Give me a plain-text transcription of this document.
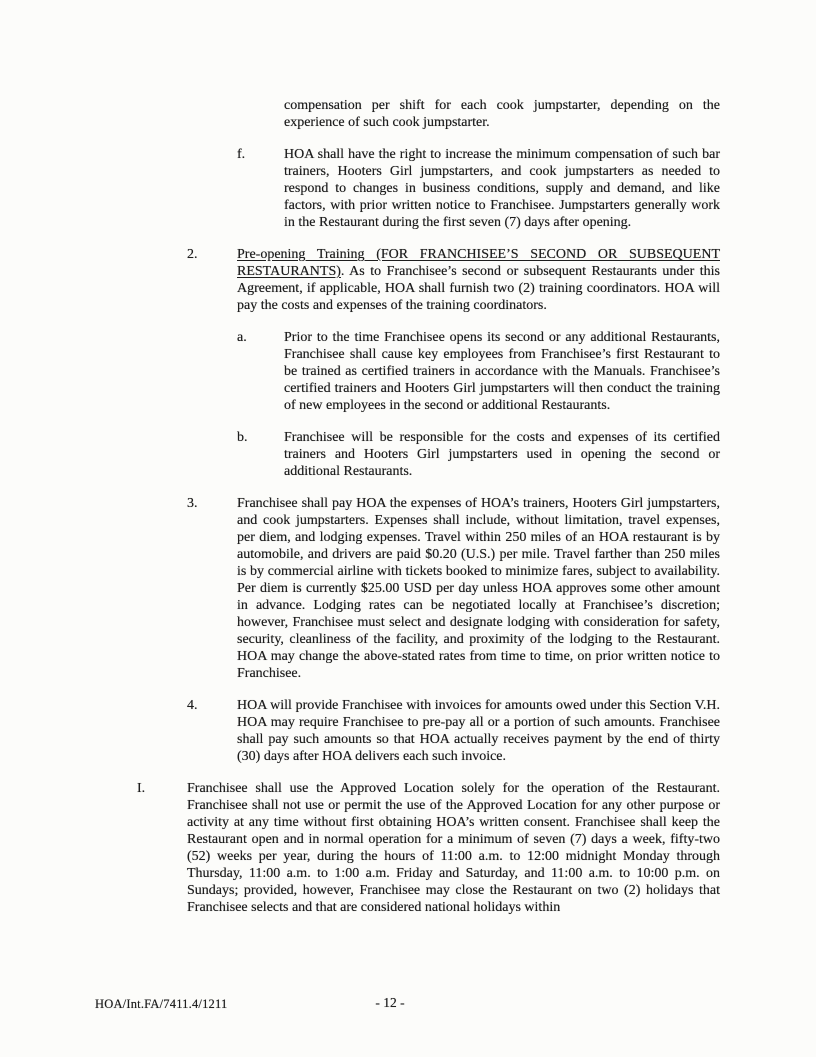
compensation per shift for each cook jumpstarter, depending on the experience of such cook jumpstarter.
f.	HOA shall have the right to increase the minimum compensation of such bar trainers, Hooters Girl jumpstarters, and cook jumpstarters as needed to respond to changes in business conditions, supply and demand, and like factors, with prior written notice to Franchisee. Jumpstarters generally work in the Restaurant during the first seven (7) days after opening.
2.	Pre-opening Training (FOR FRANCHISEE’S SECOND OR SUBSEQUENT RESTAURANTS). As to Franchisee’s second or subsequent Restaurants under this Agreement, if applicable, HOA shall furnish two (2) training coordinators. HOA will pay the costs and expenses of the training coordinators.
a.	Prior to the time Franchisee opens its second or any additional Restaurants, Franchisee shall cause key employees from Franchisee’s first Restaurant to be trained as certified trainers in accordance with the Manuals. Franchisee’s certified trainers and Hooters Girl jumpstarters will then conduct the training of new employees in the second or additional Restaurants.
b.	Franchisee will be responsible for the costs and expenses of its certified trainers and Hooters Girl jumpstarters used in opening the second or additional Restaurants.
3.	Franchisee shall pay HOA the expenses of HOA’s trainers, Hooters Girl jumpstarters, and cook jumpstarters. Expenses shall include, without limitation, travel expenses, per diem, and lodging expenses. Travel within 250 miles of an HOA restaurant is by automobile, and drivers are paid $0.20 (U.S.) per mile. Travel farther than 250 miles is by commercial airline with tickets booked to minimize fares, subject to availability. Per diem is currently $25.00 USD per day unless HOA approves some other amount in advance. Lodging rates can be negotiated locally at Franchisee’s discretion; however, Franchisee must select and designate lodging with consideration for safety, security, cleanliness of the facility, and proximity of the lodging to the Restaurant. HOA may change the above-stated rates from time to time, on prior written notice to Franchisee.
4.	HOA will provide Franchisee with invoices for amounts owed under this Section V.H. HOA may require Franchisee to pre-pay all or a portion of such amounts. Franchisee shall pay such amounts so that HOA actually receives payment by the end of thirty (30) days after HOA delivers each such invoice.
I.	Franchisee shall use the Approved Location solely for the operation of the Restaurant. Franchisee shall not use or permit the use of the Approved Location for any other purpose or activity at any time without first obtaining HOA’s written consent. Franchisee shall keep the Restaurant open and in normal operation for a minimum of seven (7) days a week, fifty-two (52) weeks per year, during the hours of 11:00 a.m. to 12:00 midnight Monday through Thursday, 11:00 a.m. to 1:00 a.m. Friday and Saturday, and 11:00 a.m. to 10:00 p.m. on Sundays; provided, however, Franchisee may close the Restaurant on two (2) holidays that Franchisee selects and that are considered national holidays within
HOA/Int.FA/7411.4/1211	- 12 -
